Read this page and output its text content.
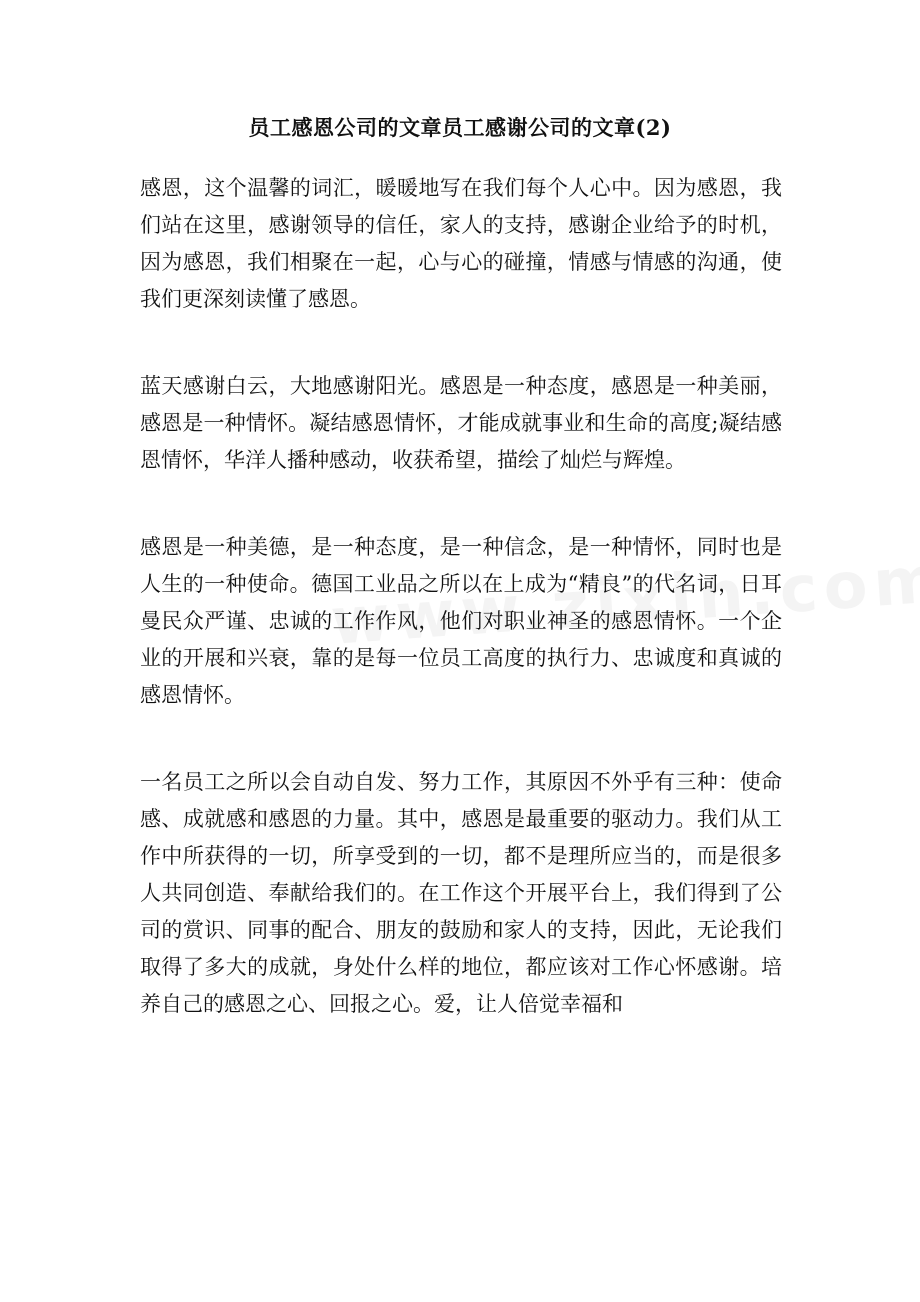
员工感恩公司的文章员工感谢公司的文章(2)

感恩，这个温馨的词汇，暖暖地写在我们每个人心中。因为感恩，我们站在这里，感谢领导的信任，家人的支持，感谢企业给予的时机，因为感恩，我们相聚在一起，心与心的碰撞，情感与情感的沟通，使我们更深刻读懂了感恩。

蓝天感谢白云，大地感谢阳光。感恩是一种态度，感恩是一种美丽，感恩是一种情怀。凝结感恩情怀，才能成就事业和生命的高度;凝结感恩情怀，华洋人播种感动，收获希望，描绘了灿烂与辉煌。

感恩是一种美德，是一种态度，是一种信念，是一种情怀，同时也是人生的一种使命。德国工业品之所以在上成为“精良”的代名词，日耳曼民众严谨、忠诚的工作作风，他们对职业神圣的感恩情怀。一个企业的开展和兴衰，靠的是每一位员工高度的执行力、忠诚度和真诚的感恩情怀。

一名员工之所以会自动自发、努力工作，其原因不外乎有三种：使命感、成就感和感恩的力量。其中，感恩是最重要的驱动力。我们从工作中所获得的一切，所享受到的一切，都不是理所应当的，而是很多人共同创造、奉献给我们的。在工作这个开展平台上，我们得到了公司的赏识、同事的配合、朋友的鼓励和家人的支持，因此，无论我们取得了多大的成就，身处什么样的地位，都应该对工作心怀感谢。培养自己的感恩之心、回报之心。爱，让人倍觉幸福和
